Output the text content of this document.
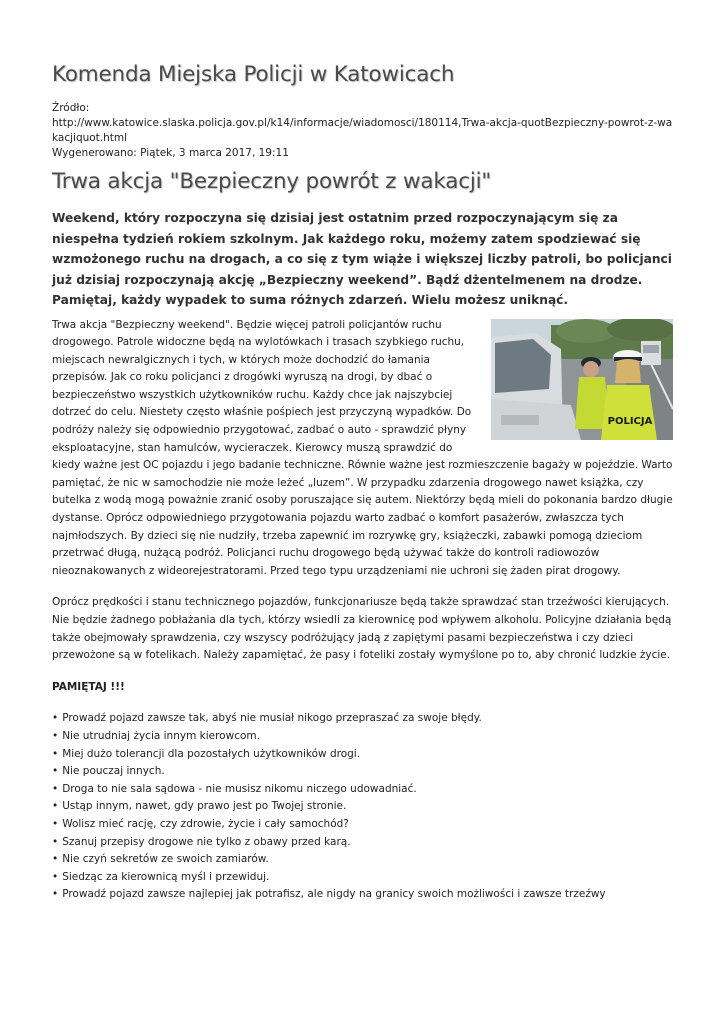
Komenda Miejska Policji w Katowicach
Źródło:
http://www.katowice.slaska.policja.gov.pl/k14/informacje/wiadomosci/180114,Trwa-akcja-quotBezpieczny-powrot-z-wakacjiquot.html
Wygenerowano: Piątek, 3 marca 2017, 19:11
Trwa akcja "Bezpieczny powrót z wakacji"

Weekend, który rozpoczyna się dzisiaj jest ostatnim przed rozpoczynającym się za niespełna tydzień rokiem szkolnym. Jak każdego roku, możemy zatem spodziewać się wzmożonego ruchu na drogach, a co się z tym wiąże i większej liczby patroli, bo policjanci już dzisiaj rozpoczynają akcję „Bezpieczny weekend”. Bądź dżentelmenem na drodze. Pamiętaj, każdy wypadek to suma różnych zdarzeń. Wielu możesz uniknąć.

POLICJA

Trwa akcja "Bezpieczny weekend". Będzie więcej patroli policjantów ruchu drogowego. Patrole widoczne będą na wylotówkach i trasach szybkiego ruchu, miejscach newralgicznych i tych, w których może dochodzić do łamania przepisów. Jak co roku policjanci z drogówki wyruszą na drogi, by dbać o bezpieczeństwo wszystkich użytkowników ruchu. Każdy chce jak najszybciej dotrzeć do celu. Niestety często właśnie pośpiech jest przyczyną wypadków. Do podróży należy się odpowiednio przygotować, zadbać o auto - sprawdzić płyny eksploatacyjne, stan hamulców, wycieraczek. Kierowcy muszą sprawdzić do kiedy ważne jest OC pojazdu i jego badanie techniczne. Równie ważne jest rozmieszczenie bagaży w pojeździe. Warto pamiętać, że nic w samochodzie nie może leżeć „luzem”. W przypadku zdarzenia drogowego nawet książka, czy butelka z wodą mogą poważnie zranić osoby poruszające się autem. Niektórzy będą mieli do pokonania bardzo długie dystanse. Oprócz odpowiedniego przygotowania pojazdu warto zadbać o komfort pasażerów, zwłaszcza tych najmłodszych. By dzieci się nie nudziły, trzeba zapewnić im rozrywkę gry, książeczki, zabawki pomogą dzieciom przetrwać długą, nużącą podróż. Policjanci ruchu drogowego będą używać także do kontroli radiowozów nieoznakowanych z wideorejestratorami. Przed tego typu urządzeniami nie uchroni się żaden pirat drogowy.

Oprócz prędkości i stanu technicznego pojazdów, funkcjonariusze będą także sprawdzać stan trzeźwości kierujących. Nie będzie żadnego pobłażania dla tych, którzy wsiedli za kierownicę pod wpływem alkoholu. Policyjne działania będą także obejmowały sprawdzenia, czy wszyscy podróżujący jadą z zapiętymi pasami bezpieczeństwa i czy dzieci przewożone są w fotelikach. Należy zapamiętać, że pasy i foteliki zostały wymyślone po to, aby chronić ludzkie życie.

PAMIĘTAJ !!!
• Prowadź pojazd zawsze tak, abyś nie musiał nikogo przepraszać za swoje błędy.
• Nie utrudniaj życia innym kierowcom.
• Miej dużo tolerancji dla pozostałych użytkowników drogi.
• Nie pouczaj innych.
• Droga to nie sala sądowa - nie musisz nikomu niczego udowadniać.
• Ustąp innym, nawet, gdy prawo jest po Twojej stronie.
• Wolisz mieć rację, czy zdrowie, życie i cały samochód?
• Szanuj przepisy drogowe nie tylko z obawy przed karą.
• Nie czyń sekretów ze swoich zamiarów.
• Siedząc za kierownicą myśl i przewiduj.
• Prowadź pojazd zawsze najlepiej jak potrafisz, ale nigdy na granicy swoich możliwości i zawsze trzeźwy
